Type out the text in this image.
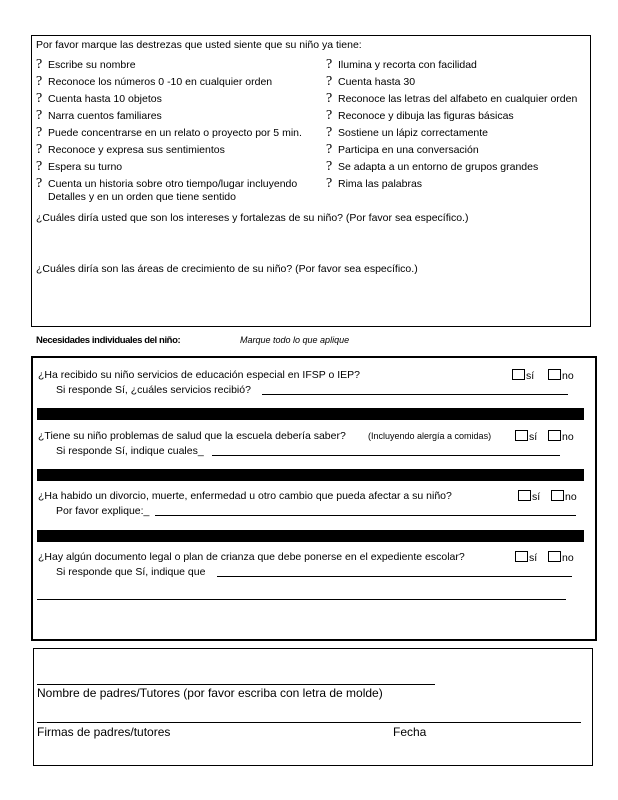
Por favor marque las destrezas que usted siente que su niño ya tiene:
? Escribe su nombre
? Reconoce los números 0 -10 en cualquier orden
? Cuenta hasta 10 objetos
? Narra cuentos familiares
? Puede concentrarse en un relato o proyecto por 5 min.
? Reconoce y expresa sus sentimientos
? Espera su turno
? Cuenta un historia sobre otro tiempo/lugar incluyendo
Detalles y en un orden que tiene sentido
? Ilumina y recorta con facilidad
? Cuenta hasta 30
? Reconoce las letras del alfabeto en cualquier orden
? Reconoce y dibuja las figuras básicas
? Sostiene un lápiz correctamente
? Participa en una conversación
? Se adapta a un entorno de grupos grandes
? Rima las palabras
¿Cuáles diría usted que son los intereses y fortalezas de su niño? (Por favor sea específico.)
¿Cuáles diría son las áreas de crecimiento de su niño? (Por favor sea específico.)
Necesidades individuales del niño:	Marque todo lo que aplique
¿Ha recibido su niño servicios de educación especial en IFSP o IEP?	sí	no
Si responde Sí, ¿cuáles servicios recibió?
¿Tiene su niño problemas de salud que la escuela debería saber? (Incluyendo alergía a comidas)	sí	no
Si responde Sí, indique cuales_
¿Ha habido un divorcio, muerte, enfermedad u otro cambio que pueda afectar a su niño?	sí	no
Por favor explique:_
¿Hay algún documento legal o plan de crianza que debe ponerse en el expediente escolar?	sí	no
Si responde que Sí, indique que
Nombre de padres/Tutores (por favor escriba con letra de molde)
Firmas de padres/tutores	Fecha
